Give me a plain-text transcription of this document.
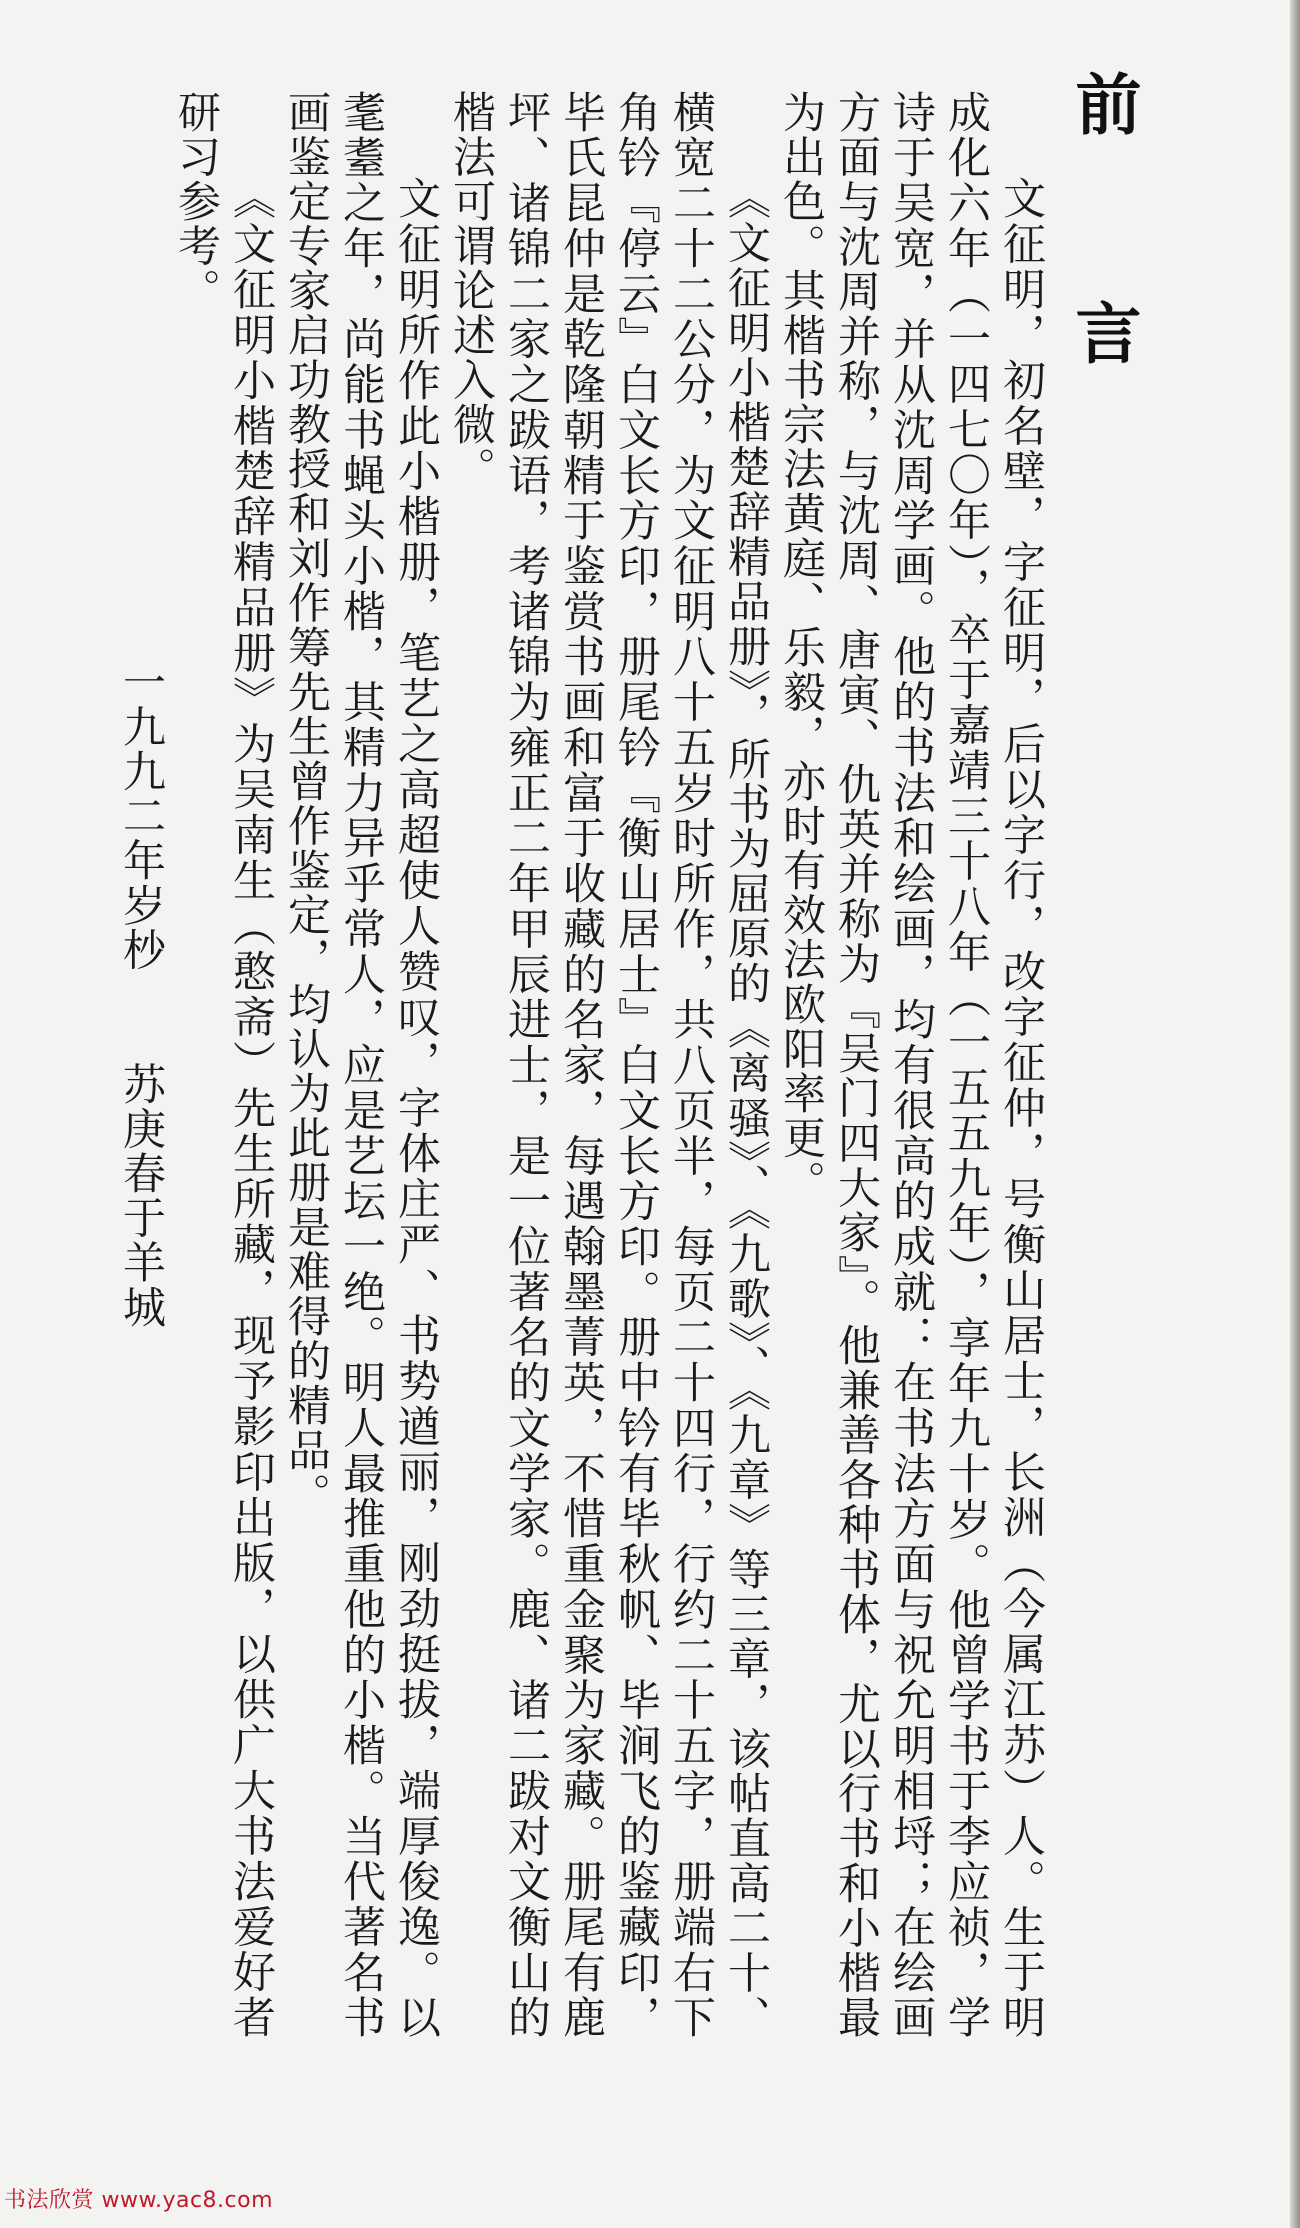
前 言

文征明，初名壁，字征明，后以字行，改字征仲，号衡山居士，长洲（今属江苏）人。生于明成化六年（一四七〇年），卒于嘉靖三十八年（一五五九年），享年九十岁。他曾学书于李应祯，学诗于吴宽，并从沈周学画。他的书法和绘画，均有很高的成就：在书法方面与祝允明相埒；在绘画方面与沈周并称，与沈周、唐寅、仇英并称为『吴门四大家』。他兼善各种书体，尤以行书和小楷最为出色。其楷书宗法黄庭、乐毅，亦时有效法欧阳率更。

《文征明小楷楚辞精品册》，所书为屈原的《离骚》、《九歌》、《九章》等三章，该帖直高二十、横宽二十二公分，为文征明八十五岁时所作，共八页半，每页二十四行，行约二十五字，册端右下角钤『停云』白文长方印，册尾钤『衡山居士』白文长方印。册中钤有毕秋帆、毕涧飞的鉴藏印，毕氏昆仲是乾隆朝精于鉴赏书画和富于收藏的名家，每遇翰墨菁英，不惜重金聚为家藏。册尾有鹿坪、诸锦二家之跋语，考诸锦为雍正二年甲辰进士，是一位著名的文学家。鹿、诸二跋对文衡山的楷法可谓论述入微。

文征明所作此小楷册，笔艺之高超使人赞叹，字体庄严、书势遒丽，刚劲挺拔，端厚俊逸。以耄耋之年，尚能书蝇头小楷，其精力异乎常人，应是艺坛一绝。明人最推重他的小楷。当代著名书画鉴定专家启功教授和刘作筹先生曾作鉴定，均认为此册是难得的精品。

《文征明小楷楚辞精品册》为吴南生（憨斋）先生所藏，现予影印出版，以供广大书法爱好者研习参考。

一九九二年岁杪苏庚春于羊城

书法欣赏 www.yac8.com
